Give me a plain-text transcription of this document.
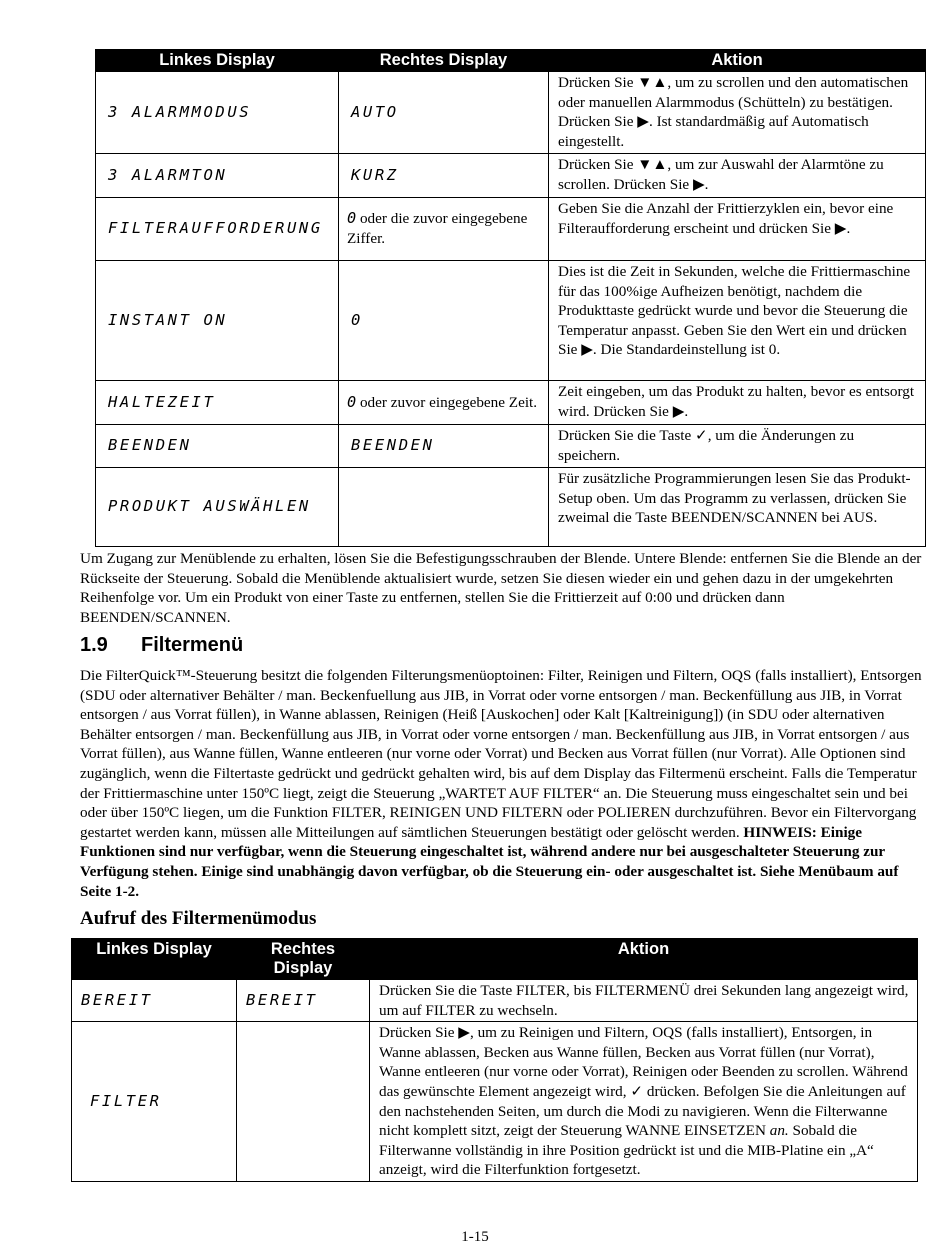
Linkes Display	Rechtes Display	Aktion
3 ALARMMODUS	AUTO	Drücken Sie ▼▲, um zu scrollen und den automatischen oder manuellen Alarmmodus (Schütteln) zu bestätigen. Drücken Sie ▶. Ist standardmäßig auf Automatisch eingestellt.
3 ALARMTON	KURZ	Drücken Sie ▼▲, um zur Auswahl der Alarmtöne zu scrollen. Drücken Sie ▶.
FILTERAUFFORDERUNG	0 oder die zuvor eingegebene Ziffer.	Geben Sie die Anzahl der Frittierzyklen ein, bevor eine Filteraufforderung erscheint und drücken Sie ▶.
INSTANT ON	0	Dies ist die Zeit in Sekunden, welche die Frittiermaschine für das 100%ige Aufheizen benötigt, nachdem die Produkttaste gedrückt wurde und bevor die Steuerung die Temperatur anpasst. Geben Sie den Wert ein und drücken Sie ▶. Die Standardeinstellung ist 0.
HALTEZEIT	0 oder zuvor eingegebene Zeit.	Zeit eingeben, um das Produkt zu halten, bevor es entsorgt wird. Drücken Sie ▶.
BEENDEN	BEENDEN	Drücken Sie die Taste ✓, um die Änderungen zu speichern.
PRODUKT AUSWÄHLEN		Für zusätzliche Programmierungen lesen Sie das Produkt-Setup oben. Um das Programm zu verlassen, drücken Sie zweimal die Taste BEENDEN/SCANNEN bei AUS.

Um Zugang zur Menüblende zu erhalten, lösen Sie die Befestigungsschrauben der Blende. Untere Blende: entfernen Sie die Blende an der Rückseite der Steuerung. Sobald die Menüblende aktualisiert wurde, setzen Sie diesen wieder ein und gehen dazu in der umgekehrten Reihenfolge vor. Um ein Produkt von einer Taste zu entfernen, stellen Sie die Frittierzeit auf 0:00 und drücken dann BEENDEN/SCANNEN.

1.9 Filtermenü

Die FilterQuick™-Steuerung besitzt die folgenden Filterungsmenüoptoinen: Filter, Reinigen und Filtern, OQS (falls installiert), Entsorgen (SDU oder alternativer Behälter / man. Beckenfuellung aus JIB, in Vorrat oder vorne entsorgen / man. Beckenfüllung aus JIB, in Vorrat entsorgen / aus Vorrat füllen), in Wanne ablassen, Reinigen (Heiß [Auskochen] oder Kalt [Kaltreinigung]) (in SDU oder alternativen Behälter entsorgen / man. Beckenfüllung aus JIB, in Vorrat oder vorne entsorgen / man. Beckenfüllung aus JIB, in Vorrat entsorgen / aus Vorrat füllen), aus Wanne füllen, Wanne entleeren (nur vorne oder Vorrat) und Becken aus Vorrat füllen (nur Vorrat). Alle Optionen sind zugänglich, wenn die Filtertaste gedrückt und gedrückt gehalten wird, bis auf dem Display das Filtermenü erscheint. Falls die Temperatur der Frittiermaschine unter 150ºC liegt, zeigt die Steuerung „WARTET AUF FILTER“ an. Die Steuerung muss eingeschaltet sein und bei oder über 150ºC liegen, um die Funktion FILTER, REINIGEN UND FILTERN oder POLIEREN durchzuführen. Bevor ein Filtervorgang gestartet werden kann, müssen alle Mitteilungen auf sämtlichen Steuerungen bestätigt oder gelöscht werden. HINWEIS: Einige Funktionen sind nur verfügbar, wenn die Steuerung eingeschaltet ist, während andere nur bei ausgeschalteter Steuerung zur Verfügung stehen. Einige sind unabhängig davon verfügbar, ob die Steuerung ein- oder ausgeschaltet ist. Siehe Menübaum auf Seite 1-2.

Aufruf des Filtermenümodus
Linkes Display	Rechtes Display	Aktion
BEREIT	BEREIT	Drücken Sie die Taste FILTER, bis FILTERMENÜ drei Sekunden lang angezeigt wird, um auf FILTER zu wechseln.
FILTER		Drücken Sie ▶, um zu Reinigen und Filtern, OQS (falls installiert), Entsorgen, in Wanne ablassen, Becken aus Wanne füllen, Becken aus Vorrat füllen (nur Vorrat), Wanne entleeren (nur vorne oder Vorrat), Reinigen oder Beenden zu scrollen. Während das gewünschte Element angezeigt wird, ✓ drücken. Befolgen Sie die Anleitungen auf den nachstehenden Seiten, um durch die Modi zu navigieren. Wenn die Filterwanne nicht komplett sitzt, zeigt der Steuerung WANNE EINSETZEN an. Sobald die Filterwanne vollständig in ihre Position gedrückt ist und die MIB-Platine ein „A“ anzeigt, wird die Filterfunktion fortgesetzt.
1-15
